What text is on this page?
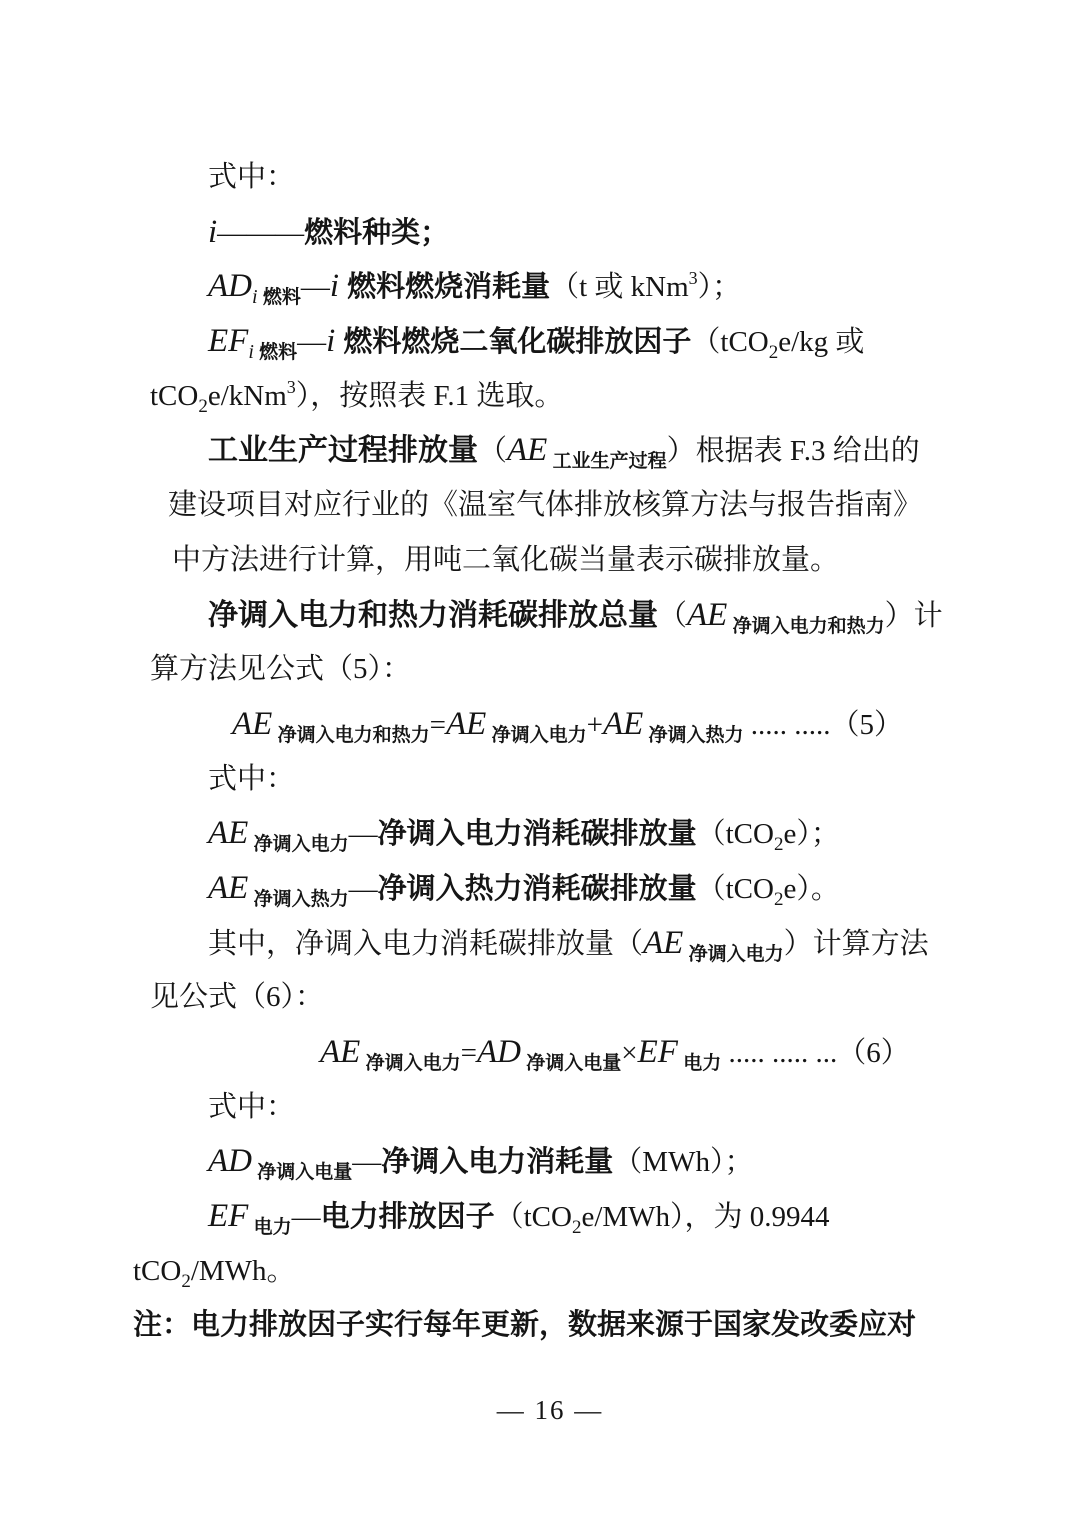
式中：
i———燃料种类；
$AD_i$ $_{燃料}$—i 燃料燃烧消耗量（t 或 kNm$^3$）；
$EF_i$ $_{燃料}$—i 燃料燃烧二氧化碳排放因子（tCO$_2$e/kg 或
tCO$_2$e/kNm$^3$），按照表 F.1 选取。
工业生产过程排放量（AE $_{工业生产过程}$）根据表 F.3 给出的
建设项目对应行业的《温室气体排放核算方法与报告指南》
中方法进行计算，用吨二氧化碳当量表示碳排放量。
净调入电力和热力消耗碳排放总量（AE $_{净调入电力和热力}$）计
算方法见公式（5）：
AE $_{净调入电力和热力}$=AE $_{净调入电力}$+AE $_{净调入热力}$ ..... .....（5）
式中：
AE $_{净调入电力}$—净调入电力消耗碳排放量（tCO$_2$e）；
AE $_{净调入热力}$—净调入热力消耗碳排放量（tCO$_2$e）。
其中，净调入电力消耗碳排放量（AE $_{净调入电力}$）计算方法
见公式（6）：
AE $_{净调入电力}$=AD $_{净调入电量}$×EF $_{电力}$ ..... ..... ...（6）
式中：
AD $_{净调入电量}$—净调入电力消耗量（MWh）；
EF $_{电力}$—电力排放因子（tCO$_2$e/MWh），为 0.9944
tCO$_2$/MWh。
注：电力排放因子实行每年更新，数据来源于国家发改委应对
— 16 —
